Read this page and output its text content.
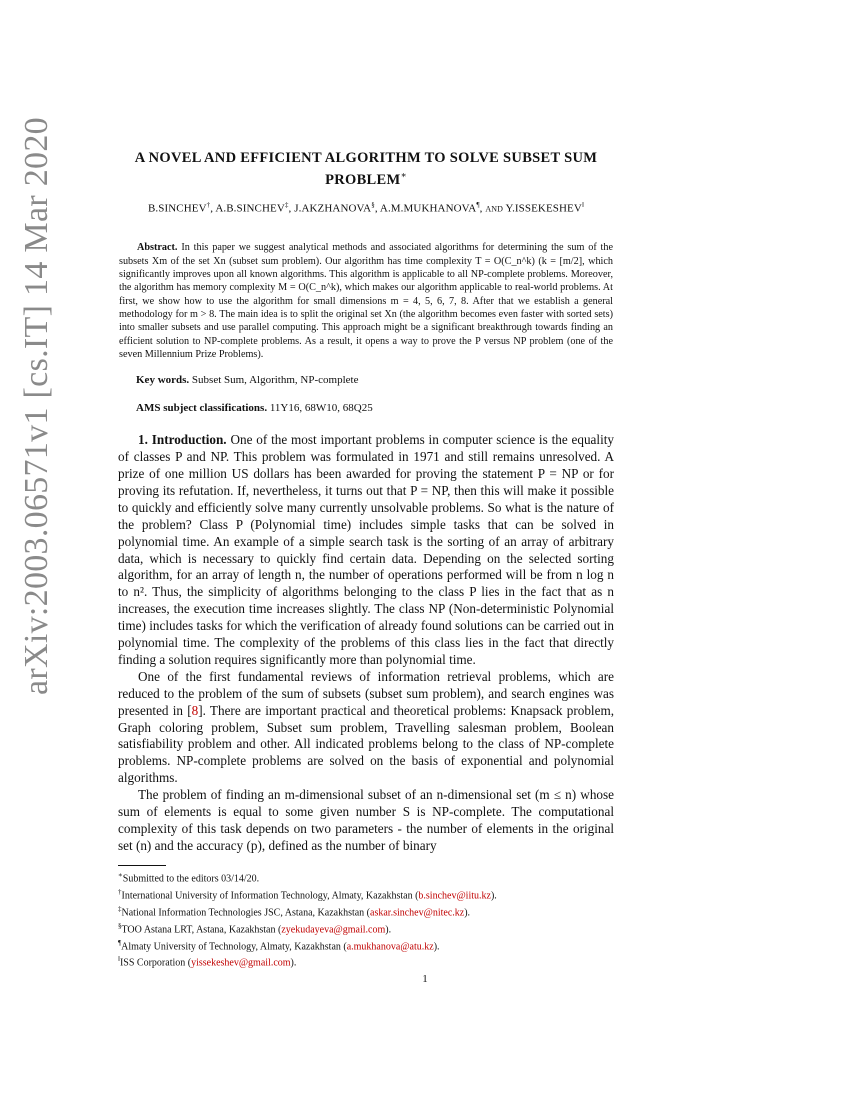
arXiv:2003.06571v1 [cs.IT] 14 Mar 2020	A NOVEL AND EFFICIENT ALGORITHM TO SOLVE SUBSET SUM PROBLEM∗
B.SINCHEV†, A.B.SINCHEV‡, J.AKZHANOVA§, A.M.MUKHANOVA¶, and Y.ISSEKESHEV‖
Abstract. In this paper we suggest analytical methods and associated algorithms for determining the sum of the subsets Xm of the set Xn (subset sum problem). Our algorithm has time complexity T = O(C_n^k) (k = [m/2], which significantly improves upon all known algorithms. This algorithm is applicable to all NP-complete problems. Moreover, the algorithm has memory complexity M = O(C_n^k), which makes our algorithm applicable to real-world problems. At first, we show how to use the algorithm for small dimensions m = 4, 5, 6, 7, 8. After that we establish a general methodology for m > 8. The main idea is to split the original set Xn (the algorithm becomes even faster with sorted sets) into smaller subsets and use parallel computing. This approach might be a significant breakthrough towards finding an efficient solution to NP-complete problems. As a result, it opens a way to prove the P versus NP problem (one of the seven Millennium Prize Problems).
Key words. Subset Sum, Algorithm, NP-complete
AMS subject classifications. 11Y16, 68W10, 68Q25

1. Introduction. One of the most important problems in computer science is the equality of classes P and NP. This problem was formulated in 1971 and still remains unresolved. A prize of one million US dollars has been awarded for proving the statement P = NP or for proving its refutation. If, nevertheless, it turns out that P = NP, then this will make it possible to quickly and efficiently solve many currently unsolvable problems. So what is the nature of the problem? Class P (Polynomial time) includes simple tasks that can be solved in polynomial time. An example of a simple search task is the sorting of an array of arbitrary data, which is necessary to quickly find certain data. Depending on the selected sorting algorithm, for an array of length n, the number of operations performed will be from n log n to n². Thus, the simplicity of algorithms belonging to the class P lies in the fact that as n increases, the execution time increases slightly. The class NP (Non-deterministic Polynomial time) includes tasks for which the verification of already found solutions can be carried out in polynomial time. The complexity of the problems of this class lies in the fact that directly finding a solution requires significantly more than polynomial time.

One of the first fundamental reviews of information retrieval problems, which are reduced to the problem of the sum of subsets (subset sum problem), and search engines was presented in [8]. There are important practical and theoretical problems: Knapsack problem, Graph coloring problem, Subset sum problem, Travelling salesman problem, Boolean satisfiability problem and other. All indicated problems belong to the class of NP-complete problems. NP-complete problems are solved on the basis of exponential and polynomial algorithms.

The problem of finding an m-dimensional subset of an n-dimensional set (m ≤ n) whose sum of elements is equal to some given number S is NP-complete. The computational complexity of this task depends on two parameters - the number of elements in the original set (n) and the accuracy (p), defined as the number of binary

∗Submitted to the editors 03/14/20.
†International University of Information Technology, Almaty, Kazakhstan (b.sinchev@iitu.kz).
‡National Information Technologies JSC, Astana, Kazakhstan (askar.sinchev@nitec.kz).
§TOO Astana LRT, Astana, Kazakhstan (zyekudayeva@gmail.com).
¶Almaty University of Technology, Almaty, Kazakhstan (a.mukhanova@atu.kz).
‖ISS Corporation (yissekeshev@gmail.com).
1
